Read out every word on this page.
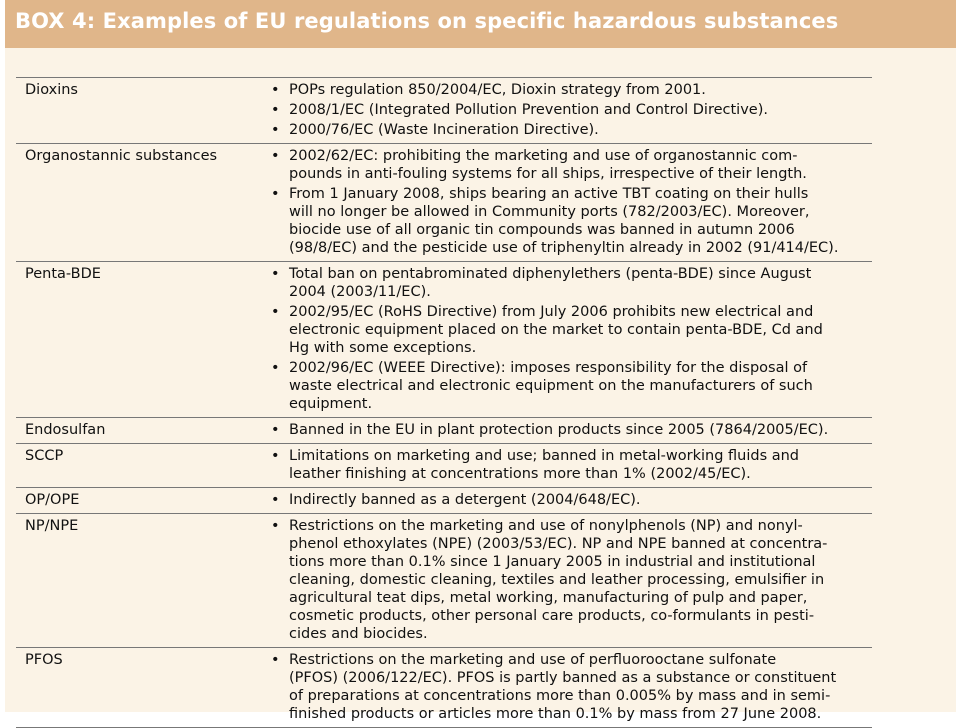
BOX 4: Examples of EU regulations on specific hazardous substances
Dioxins	• POPs regulation 850/2004/EC, Dioxin strategy from 2001.
• 2008/1/EC (Integrated Pollution Prevention and Control Directive).
• 2000/76/EC (Waste Incineration Directive).
Organostannic substances	• 2002/62/EC: prohibiting the marketing and use of organostannic com-
pounds in anti-fouling systems for all ships, irrespective of their length.
• From 1 January 2008, ships bearing an active TBT coating on their hulls
will no longer be allowed in Community ports (782/2003/EC). Moreover,
biocide use of all organic tin compounds was banned in autumn 2006
(98/8/EC) and the pesticide use of triphenyltin already in 2002 (91/414/EC).
Penta-BDE	• Total ban on pentabrominated diphenylethers (penta-BDE) since August
2004 (2003/11/EC).
• 2002/95/EC (RoHS Directive) from July 2006 prohibits new electrical and
electronic equipment placed on the market to contain penta-BDE, Cd and
Hg with some exceptions.
• 2002/96/EC (WEEE Directive): imposes responsibility for the disposal of
waste electrical and electronic equipment on the manufacturers of such
equipment.
Endosulfan	• Banned in the EU in plant protection products since 2005 (7864/2005/EC).
SCCP	• Limitations on marketing and use; banned in metal-working fluids and
leather finishing at concentrations more than 1% (2002/45/EC).
OP/OPE	• Indirectly banned as a detergent (2004/648/EC).
NP/NPE	• Restrictions on the marketing and use of nonylphenols (NP) and nonyl-
phenol ethoxylates (NPE) (2003/53/EC). NP and NPE banned at concentra-
tions more than 0.1% since 1 January 2005 in industrial and institutional
cleaning, domestic cleaning, textiles and leather processing, emulsifier in
agricultural teat dips, metal working, manufacturing of pulp and paper,
cosmetic products, other personal care products, co-formulants in pesti-
cides and biocides.
PFOS	• Restrictions on the marketing and use of perfluorooctane sulfonate
(PFOS) (2006/122/EC). PFOS is partly banned as a substance or constituent
of preparations at concentrations more than 0.005% by mass and in semi-
finished products or articles more than 0.1% by mass from 27 June 2008.
